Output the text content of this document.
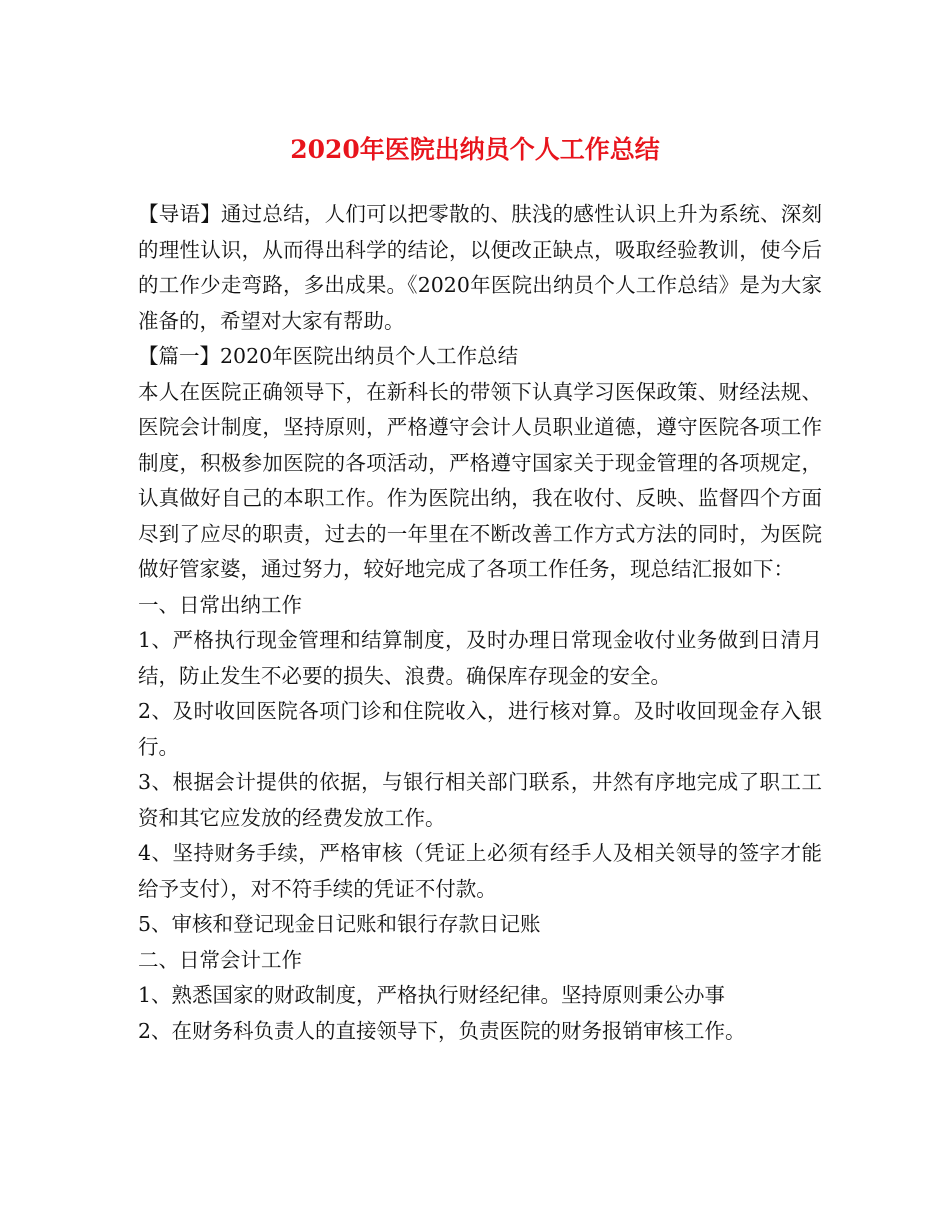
2020年医院出纳员个人工作总结

【导语】通过总结，人们可以把零散的、肤浅的感性认识上升为系统、深刻的理性认识，从而得出科学的结论，以便改正缺点，吸取经验教训，使今后的工作少走弯路，多出成果。《2020年医院出纳员个人工作总结》是为大家准备的，希望对大家有帮助。

【篇一】2020年医院出纳员个人工作总结

本人在医院正确领导下，在新科长的带领下认真学习医保政策、财经法规、医院会计制度，坚持原则，严格遵守会计人员职业道德，遵守医院各项工作制度，积极参加医院的各项活动，严格遵守国家关于现金管理的各项规定，认真做好自己的本职工作。作为医院出纳，我在收付、反映、监督四个方面尽到了应尽的职责，过去的一年里在不断改善工作方式方法的同时，为医院做好管家婆，通过努力，较好地完成了各项工作任务，现总结汇报如下：

一、日常出纳工作

1、严格执行现金管理和结算制度，及时办理日常现金收付业务做到日清月结，防止发生不必要的损失、浪费。确保库存现金的安全。

2、及时收回医院各项门诊和住院收入，进行核对算。及时收回现金存入银行。

3、根据会计提供的依据，与银行相关部门联系，井然有序地完成了职工工资和其它应发放的经费发放工作。

4、坚持财务手续，严格审核（凭证上必须有经手人及相关领导的签字才能给予支付），对不符手续的凭证不付款。

5、审核和登记现金日记账和银行存款日记账

二、日常会计工作

1、熟悉国家的财政制度，严格执行财经纪律。坚持原则秉公办事

2、在财务科负责人的直接领导下，负责医院的财务报销审核工作。
